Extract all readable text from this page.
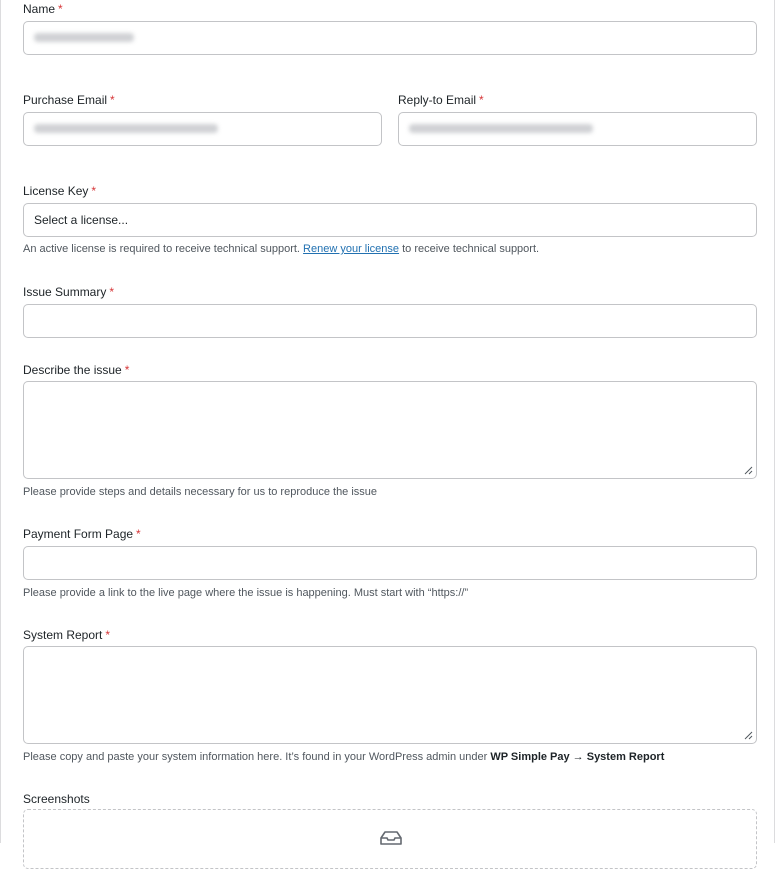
Name *
Purchase Email *	Reply-to Email *
License Key *
Select a license...
An active license is required to receive technical support. Renew your license to receive technical support.
Issue Summary *
Describe the issue *
Please provide steps and details necessary for us to reproduce the issue
Payment Form Page *
Please provide a link to the live page where the issue is happening. Must start with “https://”
System Report *
Please copy and paste your system information here. It’s found in your WordPress admin under WP Simple Pay → System Report
Screenshots
